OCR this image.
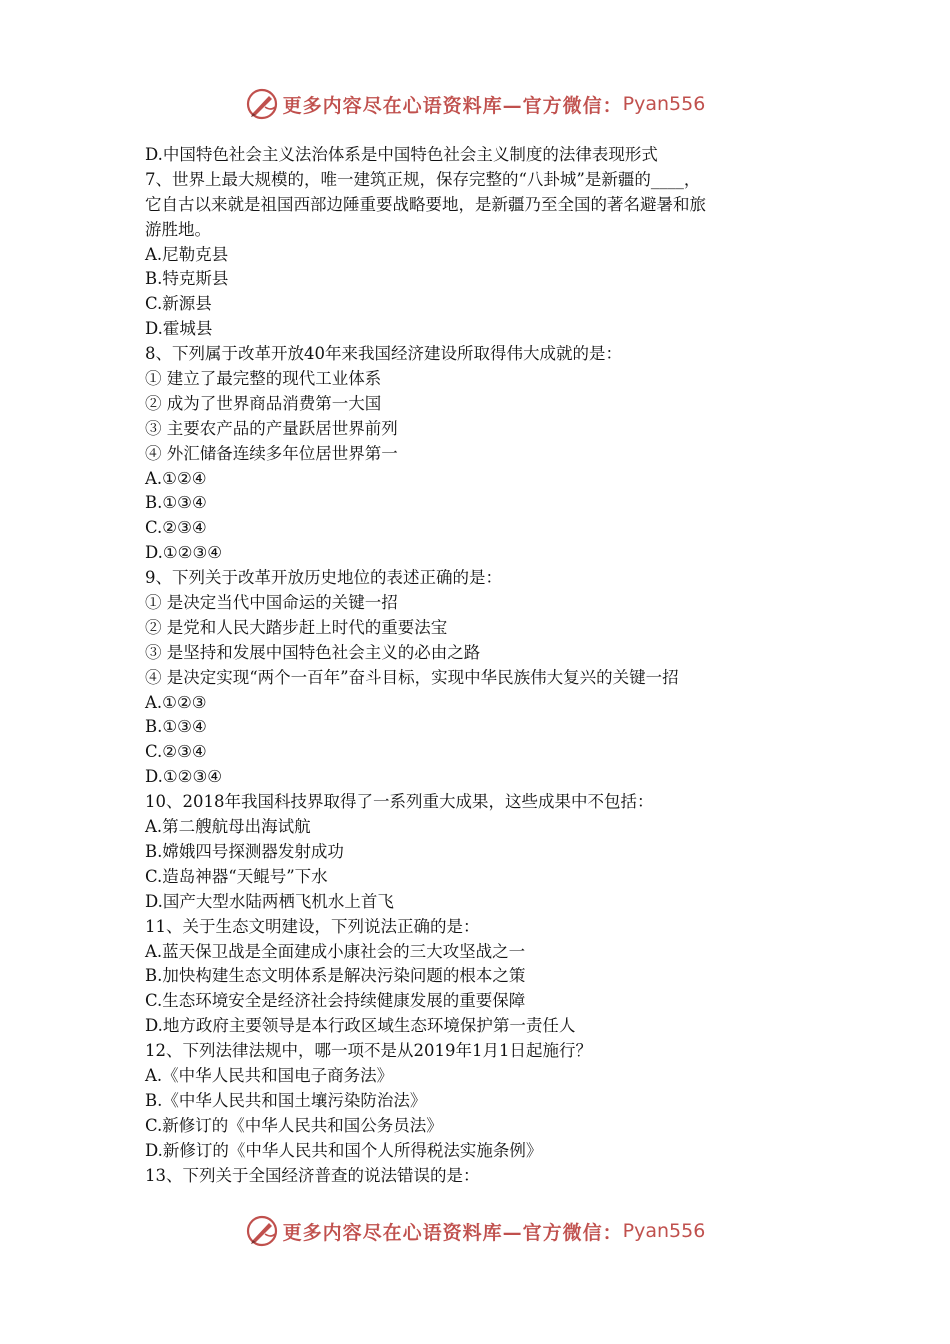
更多内容尽在心语资料库—官方微信： Pyan556
D.中国特色社会主义法治体系是中国特色社会主义制度的法律表现形式
7、世界上最大规模的，唯一建筑正规，保存完整的“八卦城”是新疆的____，
它自古以来就是祖国西部边陲重要战略要地，是新疆乃至全国的著名避暑和旅
游胜地。
A.尼勒克县
B.特克斯县
C.新源县
D.霍城县
8、下列属于改革开放40年来我国经济建设所取得伟大成就的是：
① 建立了最完整的现代工业体系
② 成为了世界商品消费第一大国
③ 主要农产品的产量跃居世界前列
④ 外汇储备连续多年位居世界第一
A.①②④
B.①③④
C.②③④
D.①②③④
9、下列关于改革开放历史地位的表述正确的是：
① 是决定当代中国命运的关键一招
② 是党和人民大踏步赶上时代的重要法宝
③ 是坚持和发展中国特色社会主义的必由之路
④ 是决定实现“两个一百年”奋斗目标，实现中华民族伟大复兴的关键一招
A.①②③
B.①③④
C.②③④
D.①②③④
10、2018年我国科技界取得了一系列重大成果，这些成果中不包括：
A.第二艘航母出海试航
B.嫦娥四号探测器发射成功
C.造岛神器“天鲲号”下水
D.国产大型水陆两栖飞机水上首飞
11、关于生态文明建设，下列说法正确的是：
A.蓝天保卫战是全面建成小康社会的三大攻坚战之一
B.加快构建生态文明体系是解决污染问题的根本之策
C.生态环境安全是经济社会持续健康发展的重要保障
D.地方政府主要领导是本行政区域生态环境保护第一责任人
12、下列法律法规中，哪一项不是从2019年1月1日起施行？
A.《中华人民共和国电子商务法》
B.《中华人民共和国土壤污染防治法》
C.新修订的《中华人民共和国公务员法》
D.新修订的《中华人民共和国个人所得税法实施条例》
13、下列关于全国经济普查的说法错误的是：
更多内容尽在心语资料库—官方微信： Pyan556
